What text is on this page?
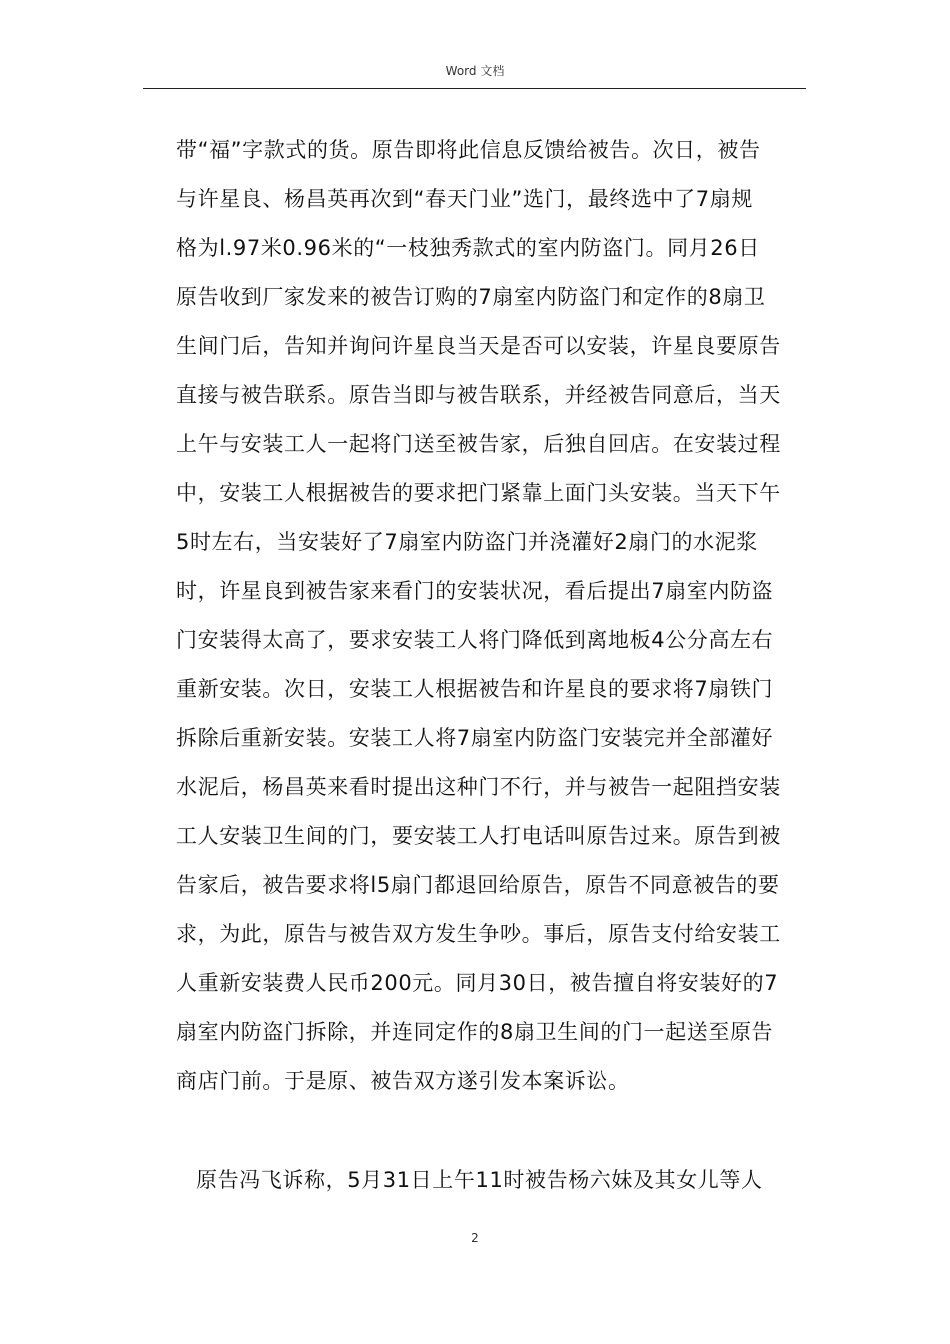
Word 文档
带“福”字款式的货。原告即将此信息反馈给被告。次日，被告
与许星良、杨昌英再次到“春天门业”选门，最终选中了7扇规
格为l.97米0.96米的“一枝独秀款式的室内防盗门。同月26日
原告收到厂家发来的被告订购的7扇室内防盗门和定作的8扇卫
生间门后，告知并询问许星良当天是否可以安装，许星良要原告
直接与被告联系。原告当即与被告联系，并经被告同意后，当天
上午与安装工人一起将门送至被告家，后独自回店。在安装过程
中，安装工人根据被告的要求把门紧靠上面门头安装。当天下午
5时左右，当安装好了7扇室内防盗门并浇灌好2扇门的水泥浆
时，许星良到被告家来看门的安装状况，看后提出7扇室内防盗
门安装得太高了，要求安装工人将门降低到离地板4公分高左右
重新安装。次日，安装工人根据被告和许星良的要求将7扇铁门
拆除后重新安装。安装工人将7扇室内防盗门安装完并全部灌好
水泥后，杨昌英来看时提出这种门不行，并与被告一起阻挡安装
工人安装卫生间的门，要安装工人打电话叫原告过来。原告到被
告家后，被告要求将l5扇门都退回给原告，原告不同意被告的要
求，为此，原告与被告双方发生争吵。事后，原告支付给安装工
人重新安装费人民币200元。同月30日，被告擅自将安装好的7
扇室内防盗门拆除，并连同定作的8扇卫生间的门一起送至原告
商店门前。于是原、被告双方遂引发本案诉讼。
原告冯飞诉称，5月31日上午11时被告杨六妹及其女儿等人
2
